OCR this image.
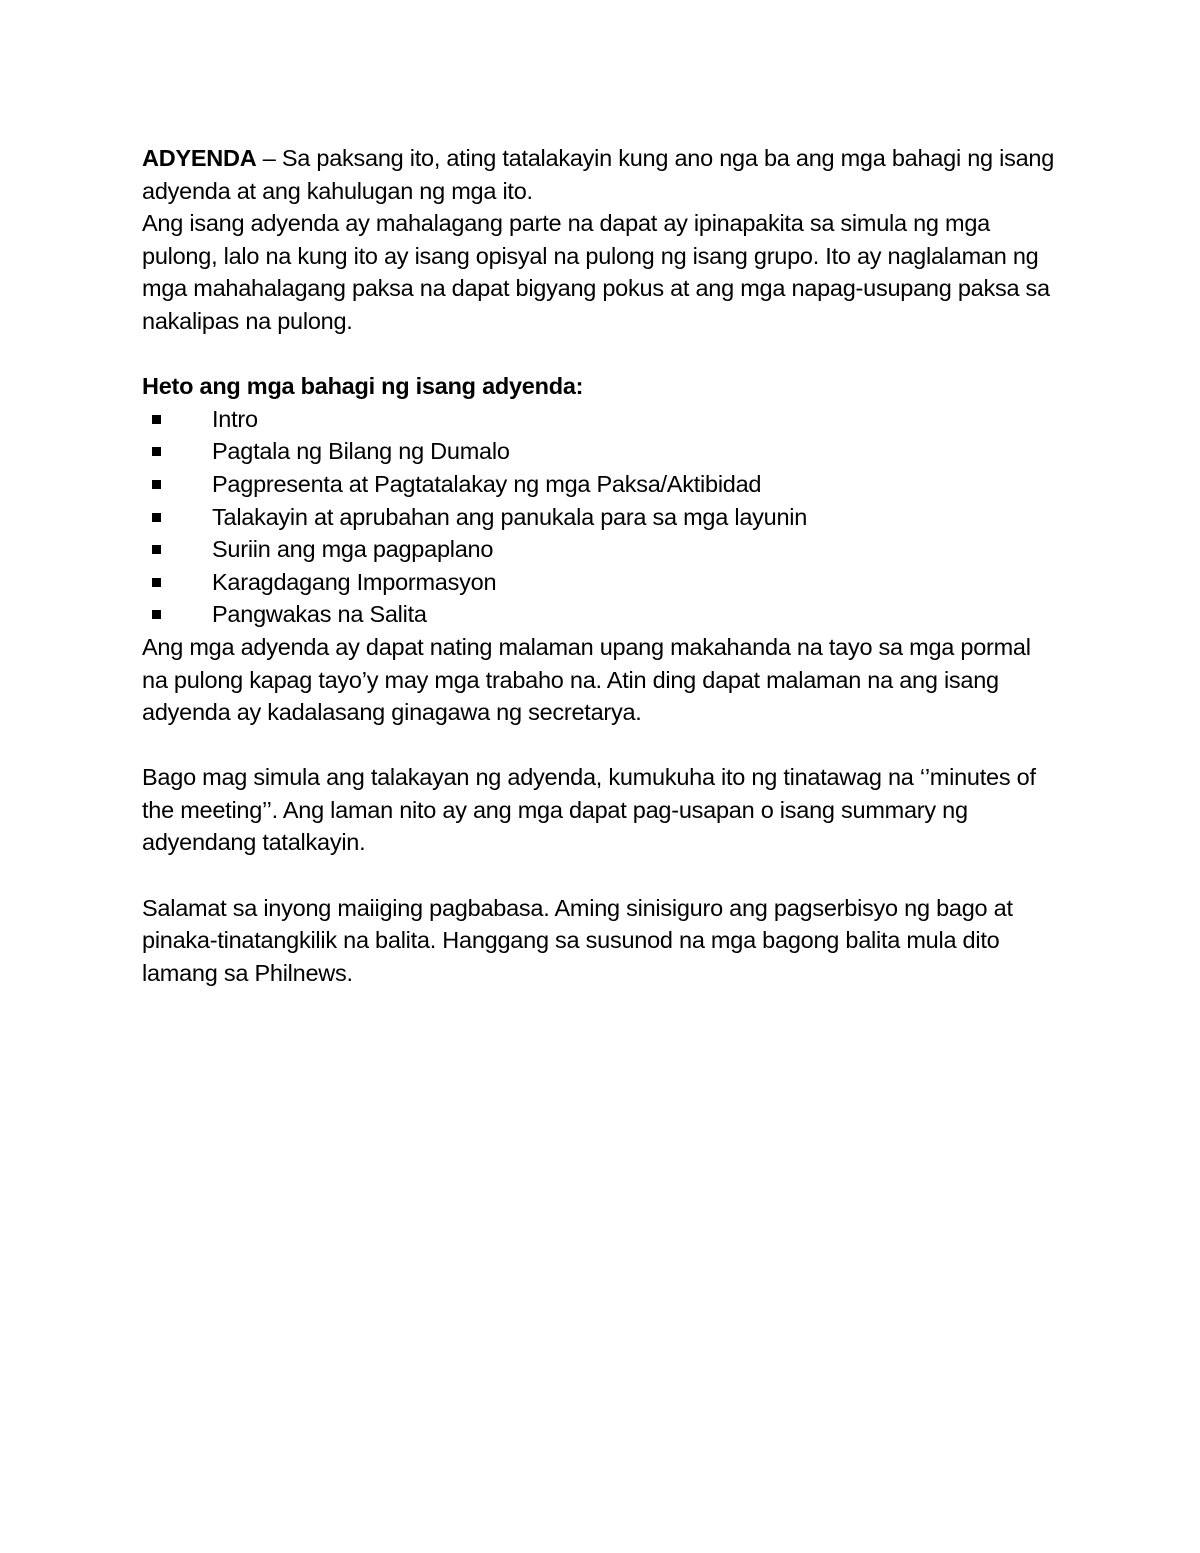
ADYENDA – Sa paksang ito, ating tatalakayin kung ano nga ba ang mga bahagi ng isang adyenda at ang kahulugan ng mga ito.

Ang isang adyenda ay mahalagang parte na dapat ay ipinapakita sa simula ng mga pulong, lalo na kung ito ay isang opisyal na pulong ng isang grupo. Ito ay naglalaman ng mga mahahalagang paksa na dapat bigyang pokus at ang mga napag-usupang paksa sa nakalipas na pulong.

Heto ang mga bahagi ng isang adyenda:

Intro
Pagtala ng Bilang ng Dumalo
Pagpresenta at Pagtatalakay ng mga Paksa/Aktibidad
Talakayin at aprubahan ang panukala para sa mga layunin
Suriin ang mga pagpaplano
Karagdagang Impormasyon
Pangwakas na Salita

Ang mga adyenda ay dapat nating malaman upang makahanda na tayo sa mga pormal na pulong kapag tayo’y may mga trabaho na. Atin ding dapat malaman na ang isang adyenda ay kadalasang ginagawa ng secretarya.

Bago mag simula ang talakayan ng adyenda, kumukuha ito ng tinatawag na ‘’minutes of the meeting’’. Ang laman nito ay ang mga dapat pag-usapan o isang summary ng adyendang tatalkayin.

Salamat sa inyong maiiging pagbabasa. Aming sinisiguro ang pagserbisyo ng bago at pinaka-tinatangkilik na balita. Hanggang sa susunod na mga bagong balita mula dito lamang sa Philnews.
